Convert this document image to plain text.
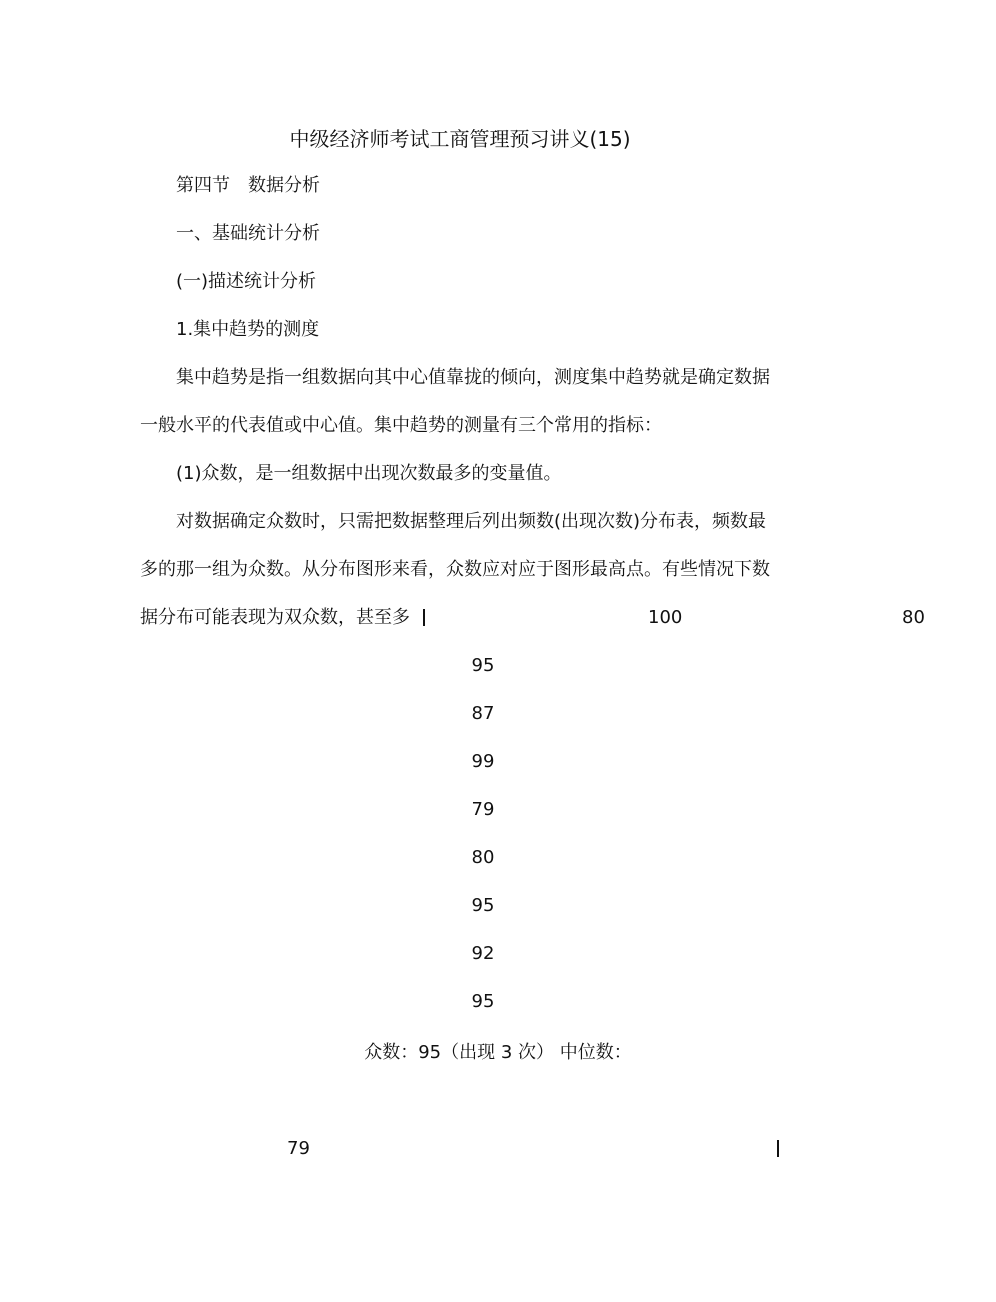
中级经济师考试工商管理预习讲义(15)
第四节　数据分析
一、基础统计分析
(一)描述统计分析
1.集中趋势的测度
集中趋势是指一组数据向其中心值靠拢的倾向，测度集中趋势就是确定数据
一般水平的代表值或中心值。集中趋势的测量有三个常用的指标：
(1)众数，是一组数据中出现次数最多的变量值。
对数据确定众数时，只需把数据整理后列出频数(出现次数)分布表，频数最
多的那一组为众数。从分布图形来看，众数应对应于图形最高点。有些情况下数
据分布可能表现为双众数，甚至多	100	80
95
87
99
79
80
95
92
95
众数：95（出现 3 次） 中位数：
79
